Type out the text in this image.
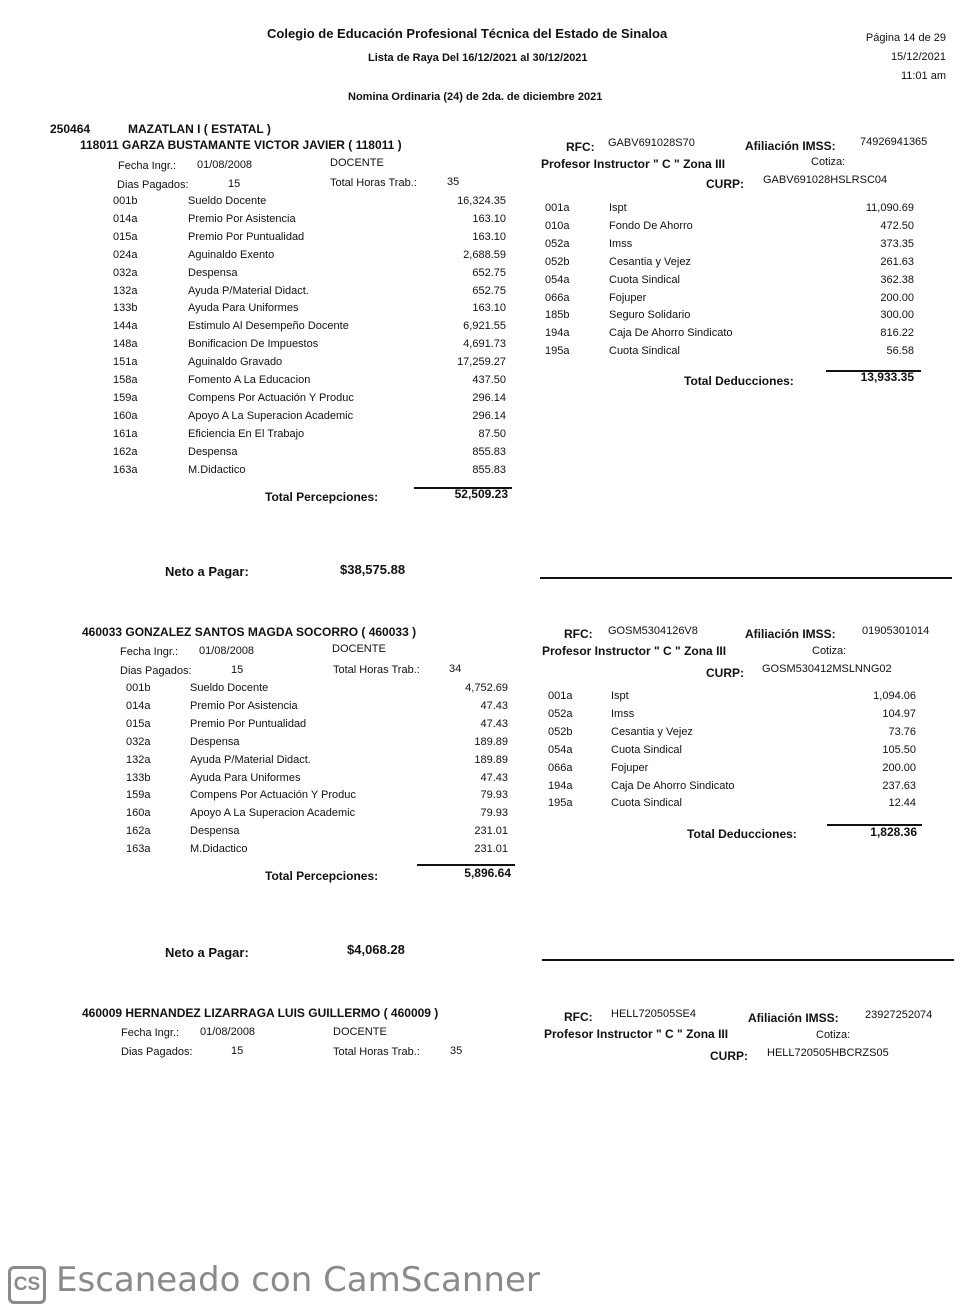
Colegio de Educación Profesional Técnica del Estado de Sinaloa
Lista de Raya Del 16/12/2021 al 30/12/2021
Nomina Ordinaria (24) de 2da. de diciembre 2021
Página 14 de 29
15/12/2021
11:01 am
250464	MAZATLAN I ( ESTATAL )
118011 GARZA BUSTAMANTE VICTOR JAVIER ( 118011 )
Fecha Ingr.: 01/08/2008	DOCENTE
Dias Pagados:	15	Total Horas Trab.:	35
RFC: GABV691028S70	Afiliación IMSS: 74926941365
Profesor Instructor " C " Zona III	Cotiza:
CURP: GABV691028HSLRSC04
001b	Sueldo Docente	16,324.35
014a	Premio Por Asistencia	163.10
015a	Premio Por Puntualidad	163.10
024a	Aguinaldo Exento	2,688.59
032a	Despensa	652.75
132a	Ayuda P/Material Didact.	652.75
133b	Ayuda Para Uniformes	163.10
144a	Estimulo Al Desempeño Docente	6,921.55
148a	Bonificacion De Impuestos	4,691.73
151a	Aguinaldo Gravado	17,259.27
158a	Fomento A La Educacion	437.50
159a	Compens Por Actuación Y Produc	296.14
160a	Apoyo A La Superacion Academic	296.14
161a	Eficiencia En El Trabajo	87.50
162a	Despensa	855.83
163a	M.Didactico	855.83
001a	Ispt	11,090.69
010a	Fondo De Ahorro	472.50
052a	Imss	373.35
052b	Cesantia y Vejez	261.63
054a	Cuota Sindical	362.38
066a	Fojuper	200.00
185b	Seguro Solidario	300.00
194a	Caja De Ahorro Sindicato	816.22
195a	Cuota Sindical	56.58
Total Deducciones:	13,933.35
Total Percepciones:	52,509.23
Neto a Pagar:	$38,575.88
460033 GONZALEZ SANTOS MAGDA SOCORRO ( 460033 )
Fecha Ingr.: 01/08/2008	DOCENTE
Dias Pagados:	15	Total Horas Trab.:	34
RFC: GOSM5304126V8	Afiliación IMSS: 01905301014
Profesor Instructor " C " Zona III	Cotiza:
CURP: GOSM530412MSLNNG02
001b	Sueldo Docente	4,752.69
014a	Premio Por Asistencia	47.43
015a	Premio Por Puntualidad	47.43
032a	Despensa	189.89
132a	Ayuda P/Material Didact.	189.89
133b	Ayuda Para Uniformes	47.43
159a	Compens Por Actuación Y Produc	79.93
160a	Apoyo A La Superacion Academic	79.93
162a	Despensa	231.01
163a	M.Didactico	231.01
001a	Ispt	1,094.06
052a	Imss	104.97
052b	Cesantia y Vejez	73.76
054a	Cuota Sindical	105.50
066a	Fojuper	200.00
194a	Caja De Ahorro Sindicato	237.63
195a	Cuota Sindical	12.44
Total Deducciones:	1,828.36
Total Percepciones:	5,896.64
Neto a Pagar:	$4,068.28
460009 HERNANDEZ LIZARRAGA LUIS GUILLERMO ( 460009 )
Fecha Ingr.: 01/08/2008	DOCENTE
Dias Pagados:	15	Total Horas Trab.:	35
RFC: HELL720505SE4	Afiliación IMSS: 23927252074
Profesor Instructor " C " Zona III	Cotiza:
CURP: HELL720505HBCRZS05
CS Escaneado con CamScanner
